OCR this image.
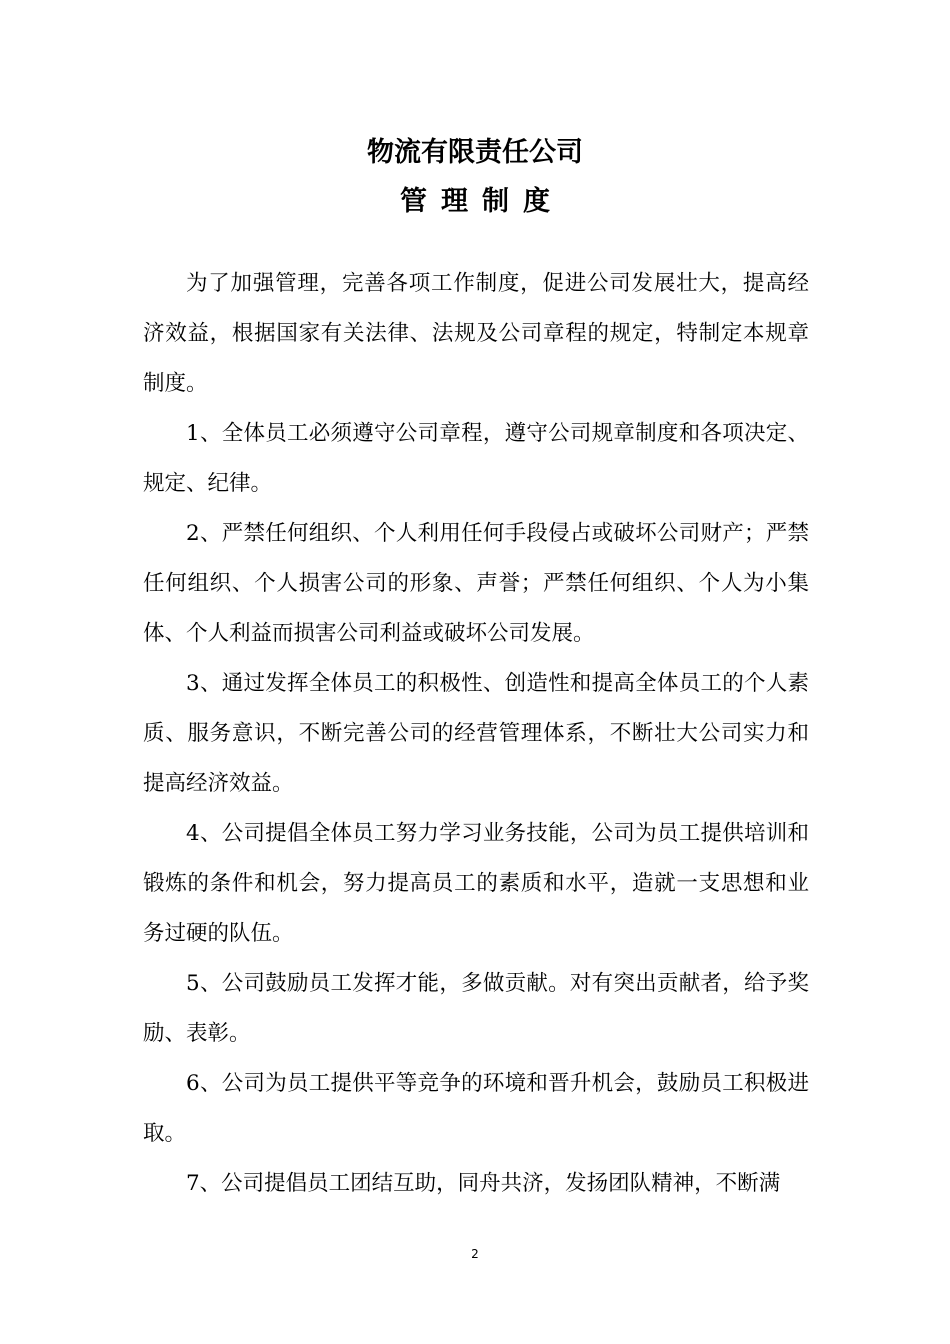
物流有限责任公司
管理制度

为了加强管理，完善各项工作制度，促进公司发展壮大，提高经济效益，根据国家有关法律、法规及公司章程的规定，特制定本规章制度。

1、全体员工必须遵守公司章程，遵守公司规章制度和各项决定、规定、纪律。

2、严禁任何组织、个人利用任何手段侵占或破坏公司财产；严禁任何组织、个人损害公司的形象、声誉；严禁任何组织、个人为小集体、个人利益而损害公司利益或破坏公司发展。

3、通过发挥全体员工的积极性、创造性和提高全体员工的个人素质、服务意识，不断完善公司的经营管理体系，不断壮大公司实力和提高经济效益。

4、公司提倡全体员工努力学习业务技能，公司为员工提供培训和锻炼的条件和机会，努力提高员工的素质和水平，造就一支思想和业务过硬的队伍。

5、公司鼓励员工发挥才能，多做贡献。对有突出贡献者，给予奖励、表彰。

6、公司为员工提供平等竞争的环境和晋升机会，鼓励员工积极进取。

7、公司提倡员工团结互助，同舟共济，发扬团队精神，不断满

2
